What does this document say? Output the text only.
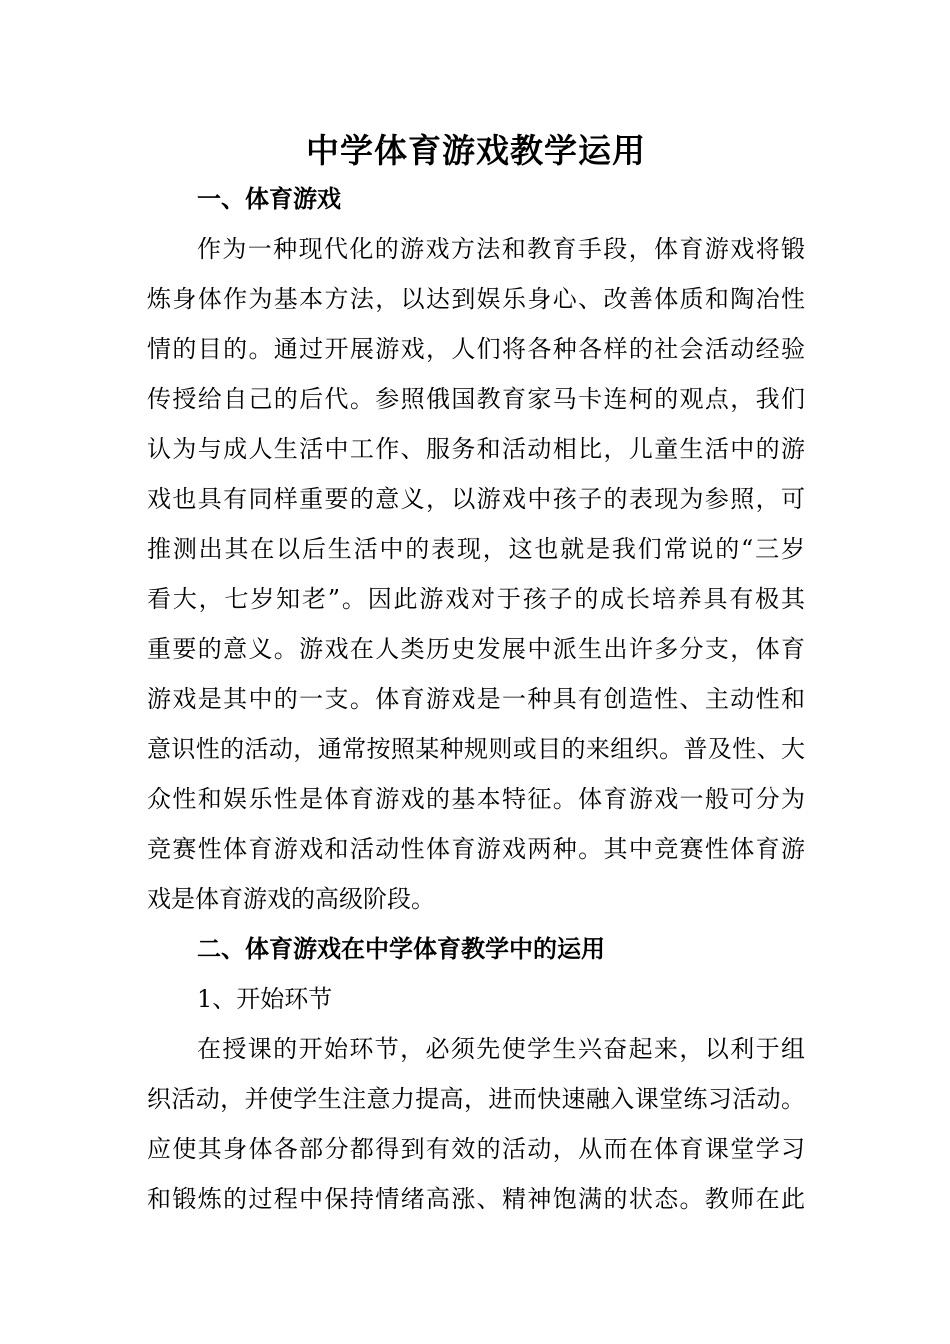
中学体育游戏教学运用
一、体育游戏
作为一种现代化的游戏方法和教育手段，体育游戏将锻
炼身体作为基本方法，以达到娱乐身心、改善体质和陶冶性
情的目的。通过开展游戏，人们将各种各样的社会活动经验
传授给自己的后代。参照俄国教育家马卡连柯的观点，我们
认为与成人生活中工作、服务和活动相比，儿童生活中的游
戏也具有同样重要的意义，以游戏中孩子的表现为参照，可
推测出其在以后生活中的表现，这也就是我们常说的“三岁
看大，七岁知老”。因此游戏对于孩子的成长培养具有极其
重要的意义。游戏在人类历史发展中派生出许多分支，体育
游戏是其中的一支。体育游戏是一种具有创造性、主动性和
意识性的活动，通常按照某种规则或目的来组织。普及性、大
众性和娱乐性是体育游戏的基本特征。体育游戏一般可分为
竞赛性体育游戏和活动性体育游戏两种。其中竞赛性体育游
戏是体育游戏的高级阶段。
二、体育游戏在中学体育教学中的运用
1、开始环节
在授课的开始环节，必须先使学生兴奋起来，以利于组
织活动，并使学生注意力提高，进而快速融入课堂练习活动。
应使其身体各部分都得到有效的活动，从而在体育课堂学习
和锻炼的过程中保持情绪高涨、精神饱满的状态。教师在此
